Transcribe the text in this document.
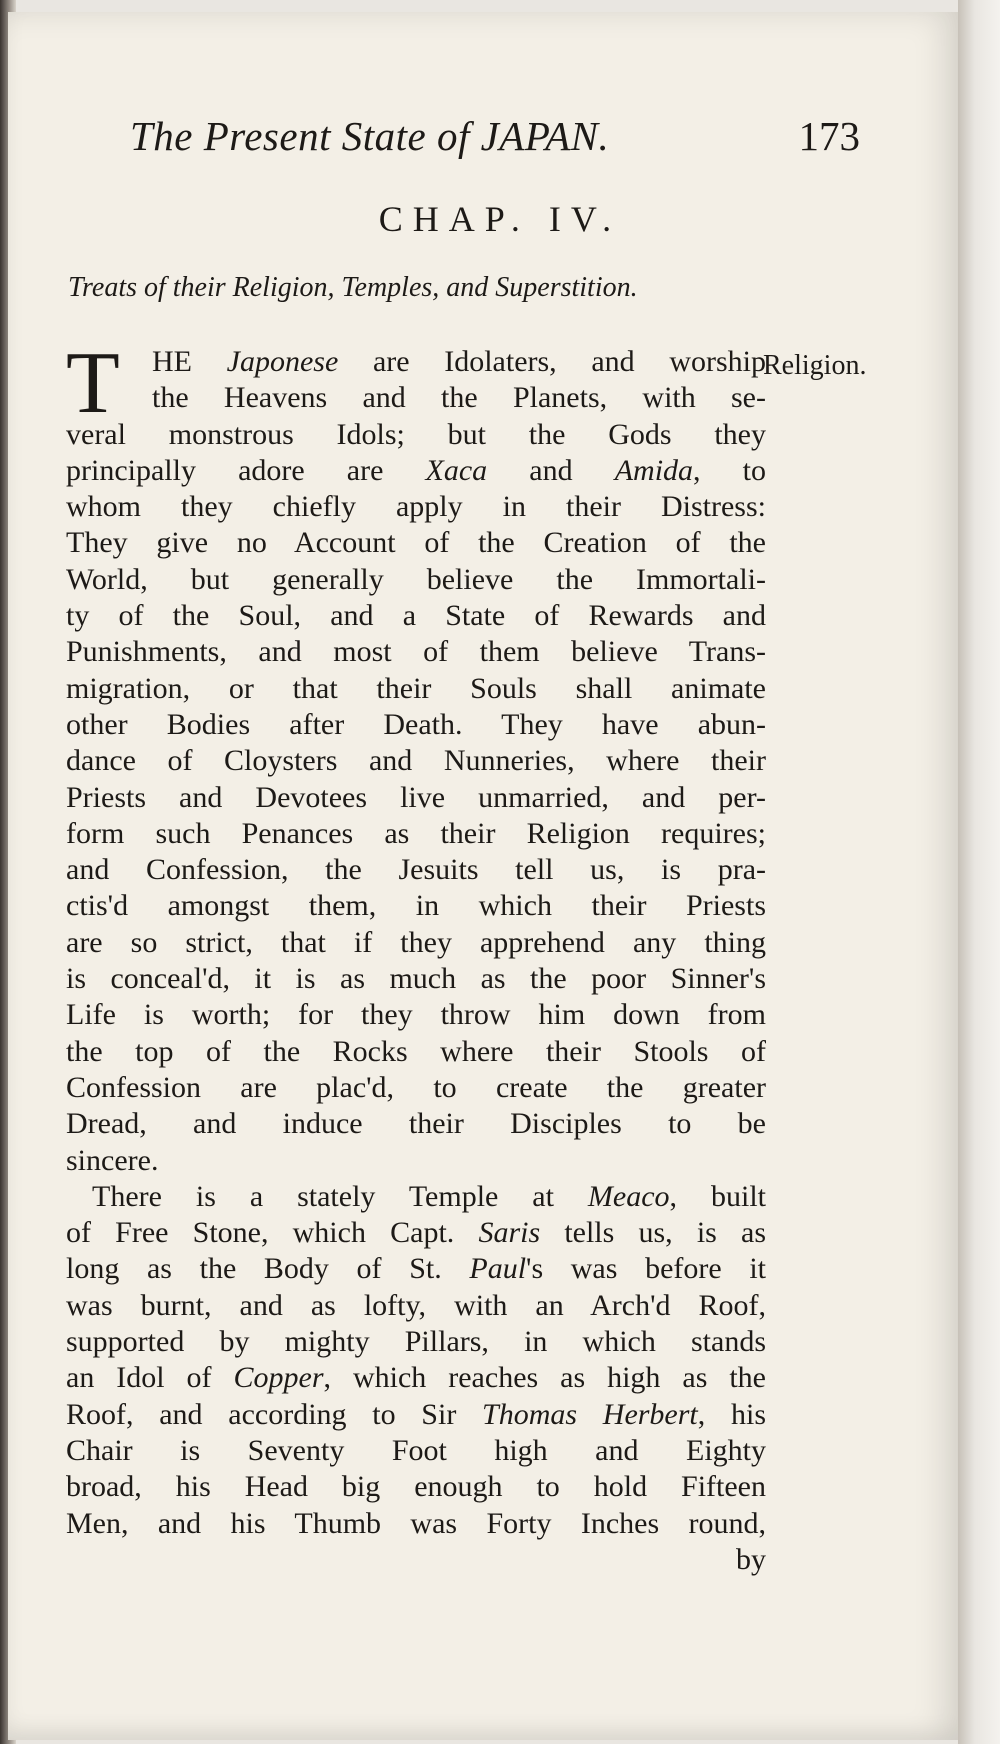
The Present State of JAPAN.	173
CHAP. IV.
Treats of their Religion, Temples, and Superstition.
Religion.
T	HE Japonese are Idolaters, and worship
the Heavens and the Planets, with se-
veral monstrous Idols; but the Gods they
principally adore are Xaca and Amida, to
whom they chiefly apply in their Distress:
They give no Account of the Creation of the
World, but generally believe the Immortali-
ty of the Soul, and a State of Rewards and
Punishments, and most of them believe Trans-
migration, or that their Souls shall animate
other Bodies after Death. They have abun-
dance of Cloysters and Nunneries, where their
Priests and Devotees live unmarried, and per-
form such Penances as their Religion requires;
and Confession, the Jesuits tell us, is pra-
ctis'd amongst them, in which their Priests
are so strict, that if they apprehend any thing
is conceal'd, it is as much as the poor Sinner's
Life is worth; for they throw him down from
the top of the Rocks where their Stools of
Confession are plac'd, to create the greater
Dread, and induce their Disciples to be
sincere.
There is a stately Temple at Meaco, built
of Free Stone, which Capt. Saris tells us, is as
long as the Body of St. Paul's was before it
was burnt, and as lofty, with an Arch'd Roof,
supported by mighty Pillars, in which stands
an Idol of Copper, which reaches as high as the
Roof, and according to Sir Thomas Herbert, his
Chair is Seventy Foot high and Eighty
broad, his Head big enough to hold Fifteen
Men, and his Thumb was Forty Inches round,
by
